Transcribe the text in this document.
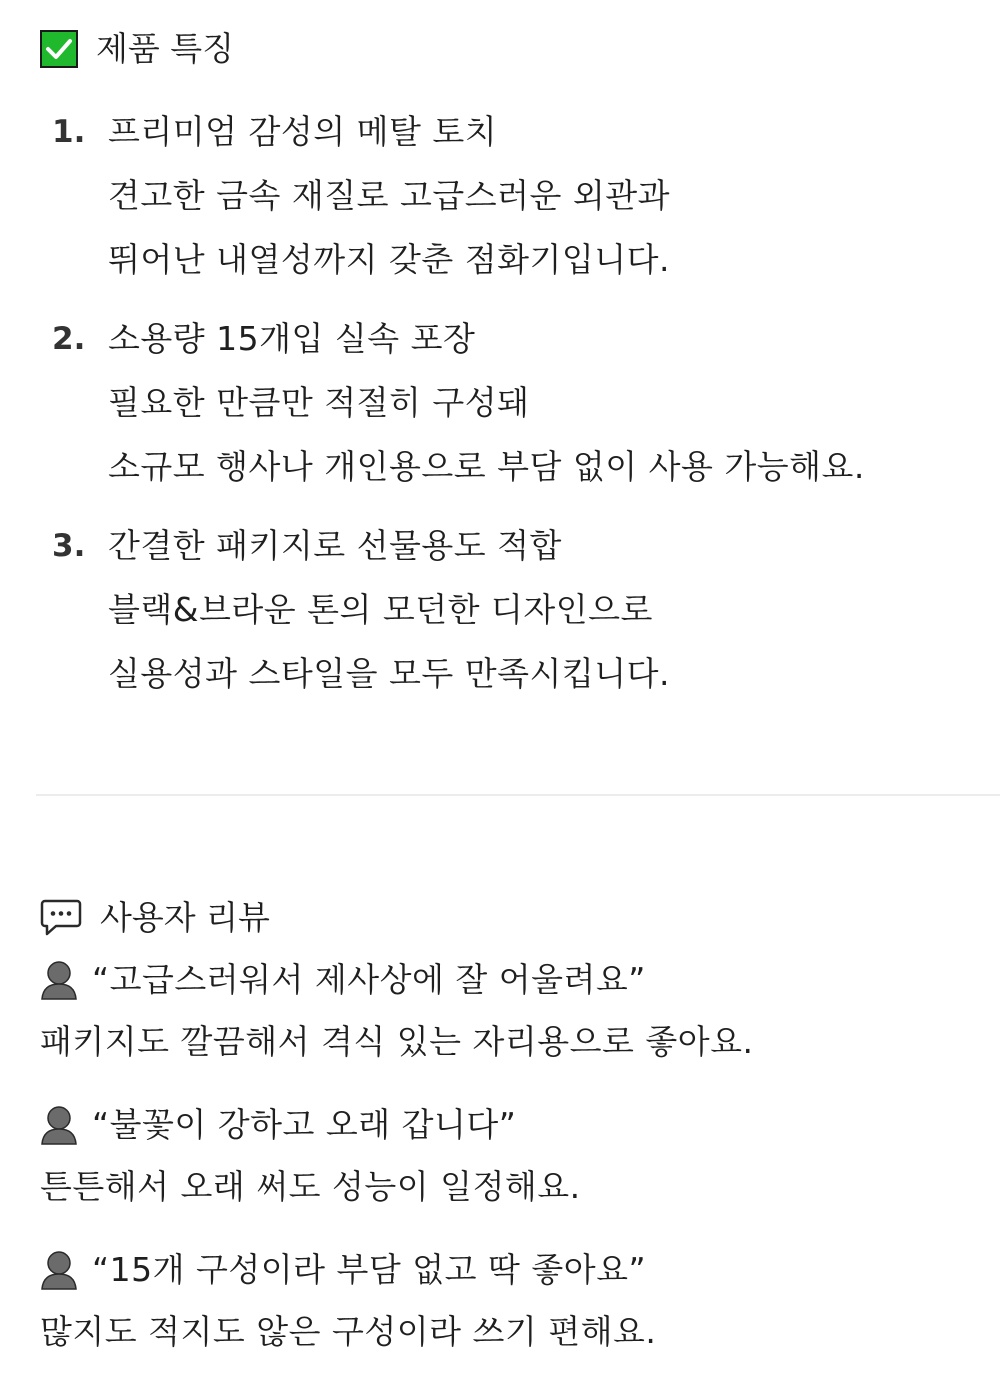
제품 특징
1. 프리미엄 감성의 메탈 토치
견고한 금속 재질로 고급스러운 외관과
뛰어난 내열성까지 갖춘 점화기입니다.
2. 소용량 15개입 실속 포장
필요한 만큼만 적절히 구성돼
소규모 행사나 개인용으로 부담 없이 사용 가능해요.
3. 간결한 패키지로 선물용도 적합
블랙&브라운 톤의 모던한 디자인으로
실용성과 스타일을 모두 만족시킵니다.
사용자 리뷰
“고급스러워서 제사상에 잘 어울려요”
패키지도 깔끔해서 격식 있는 자리용으로 좋아요.
“불꽃이 강하고 오래 갑니다”
튼튼해서 오래 써도 성능이 일정해요.
“15개 구성이라 부담 없고 딱 좋아요”
많지도 적지도 않은 구성이라 쓰기 편해요.
